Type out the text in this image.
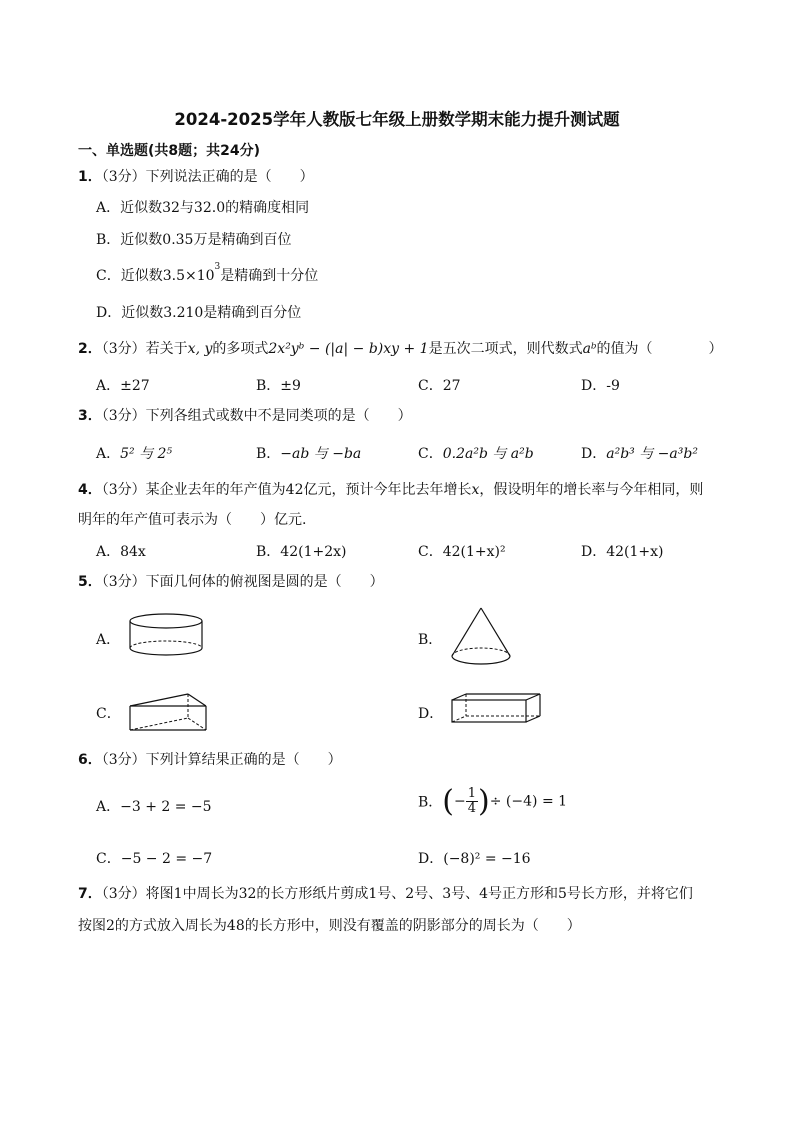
2024-2025学年人教版七年级上册数学期末能力提升测试题
一、单选题(共8题；共24分)
1．（3分）下列说法正确的是（　　）
A．近似数32与32.0的精确度相同
B．近似数0.35万是精确到百位
C．近似数$3.5\times 10^3$是精确到十分位
D．近似数3.210是精确到百分位
2．（3分）若关于x, y的多项式2x²yᵇ − (|a| − b)xy + 1是五次二项式，则代数式aᵇ的值为（　　　　）
A．±27	B．±9	C．27	D．-9
3．（3分）下列各组式或数中不是同类项的是（　　）
A．5² 与 2⁵	B．−ab 与 −ba	C．0.2a²b 与 a²b	D．a²b³ 与 −a³b²
4．（3分）某企业去年的年产值为42亿元，预计今年比去年增长x，假设明年的增长率与今年相同，则
明年的年产值可表示为（　　）亿元.
A．84x	B．42(1+2x)	C．42(1+x)²	D．42(1+x)
5．（3分）下面几何体的俯视图是圆的是（　　）
A．	B．
C．	D．
6．（3分）下列计算结果正确的是（　　）
A．−3 + 2 = −5	B．(− $\frac{1}{4}$ )÷ (−4) = 1
C．−5 − 2 = −7	D．(−8)² = −16
7．（3分）将图1中周长为32的长方形纸片剪成1号、2号、3号、4号正方形和5号长方形，并将它们
按图2的方式放入周长为48的长方形中，则没有覆盖的阴影部分的周长为（　　）
